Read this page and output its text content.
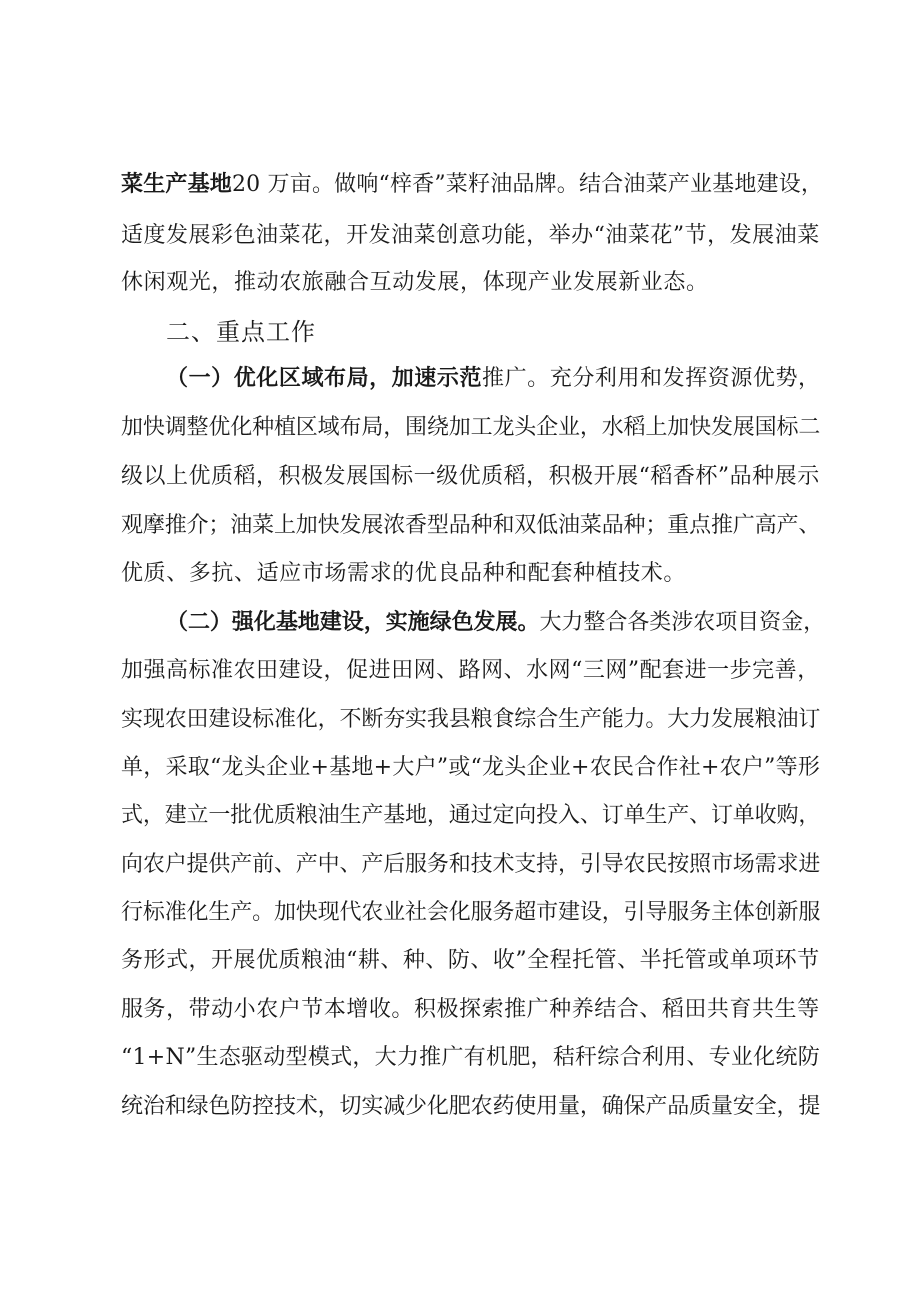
菜生产基地20 万亩。做响“梓香”菜籽油品牌。结合油菜产业基地建设，
适度发展彩色油菜花，开发油菜创意功能，举办“油菜花”节，发展油菜
休闲观光，推动农旅融合互动发展，体现产业发展新业态。
二、重点工作
（一）优化区域布局，加速示范推广。充分利用和发挥资源优势，
加快调整优化种植区域布局，围绕加工龙头企业，水稻上加快发展国标二
级以上优质稻，积极发展国标一级优质稻，积极开展“稻香杯”品种展示
观摩推介；油菜上加快发展浓香型品种和双低油菜品种；重点推广高产、
优质、多抗、适应市场需求的优良品种和配套种植技术。
（二）强化基地建设，实施绿色发展。大力整合各类涉农项目资金，
加强高标准农田建设，促进田网、路网、水网“三网”配套进一步完善，
实现农田建设标准化，不断夯实我县粮食综合生产能力。大力发展粮油订
单，采取“龙头企业+基地+大户”或“龙头企业+农民合作社+农户”等形
式，建立一批优质粮油生产基地，通过定向投入、订单生产、订单收购，
向农户提供产前、产中、产后服务和技术支持，引导农民按照市场需求进
行标准化生产。加快现代农业社会化服务超市建设，引导服务主体创新服
务形式，开展优质粮油“耕、种、防、收”全程托管、半托管或单项环节
服务，带动小农户节本增收。积极探索推广种养结合、稻田共育共生等
“1+N”生态驱动型模式，大力推广有机肥，秸秆综合利用、专业化统防
统治和绿色防控技术，切实减少化肥农药使用量，确保产品质量安全，提
